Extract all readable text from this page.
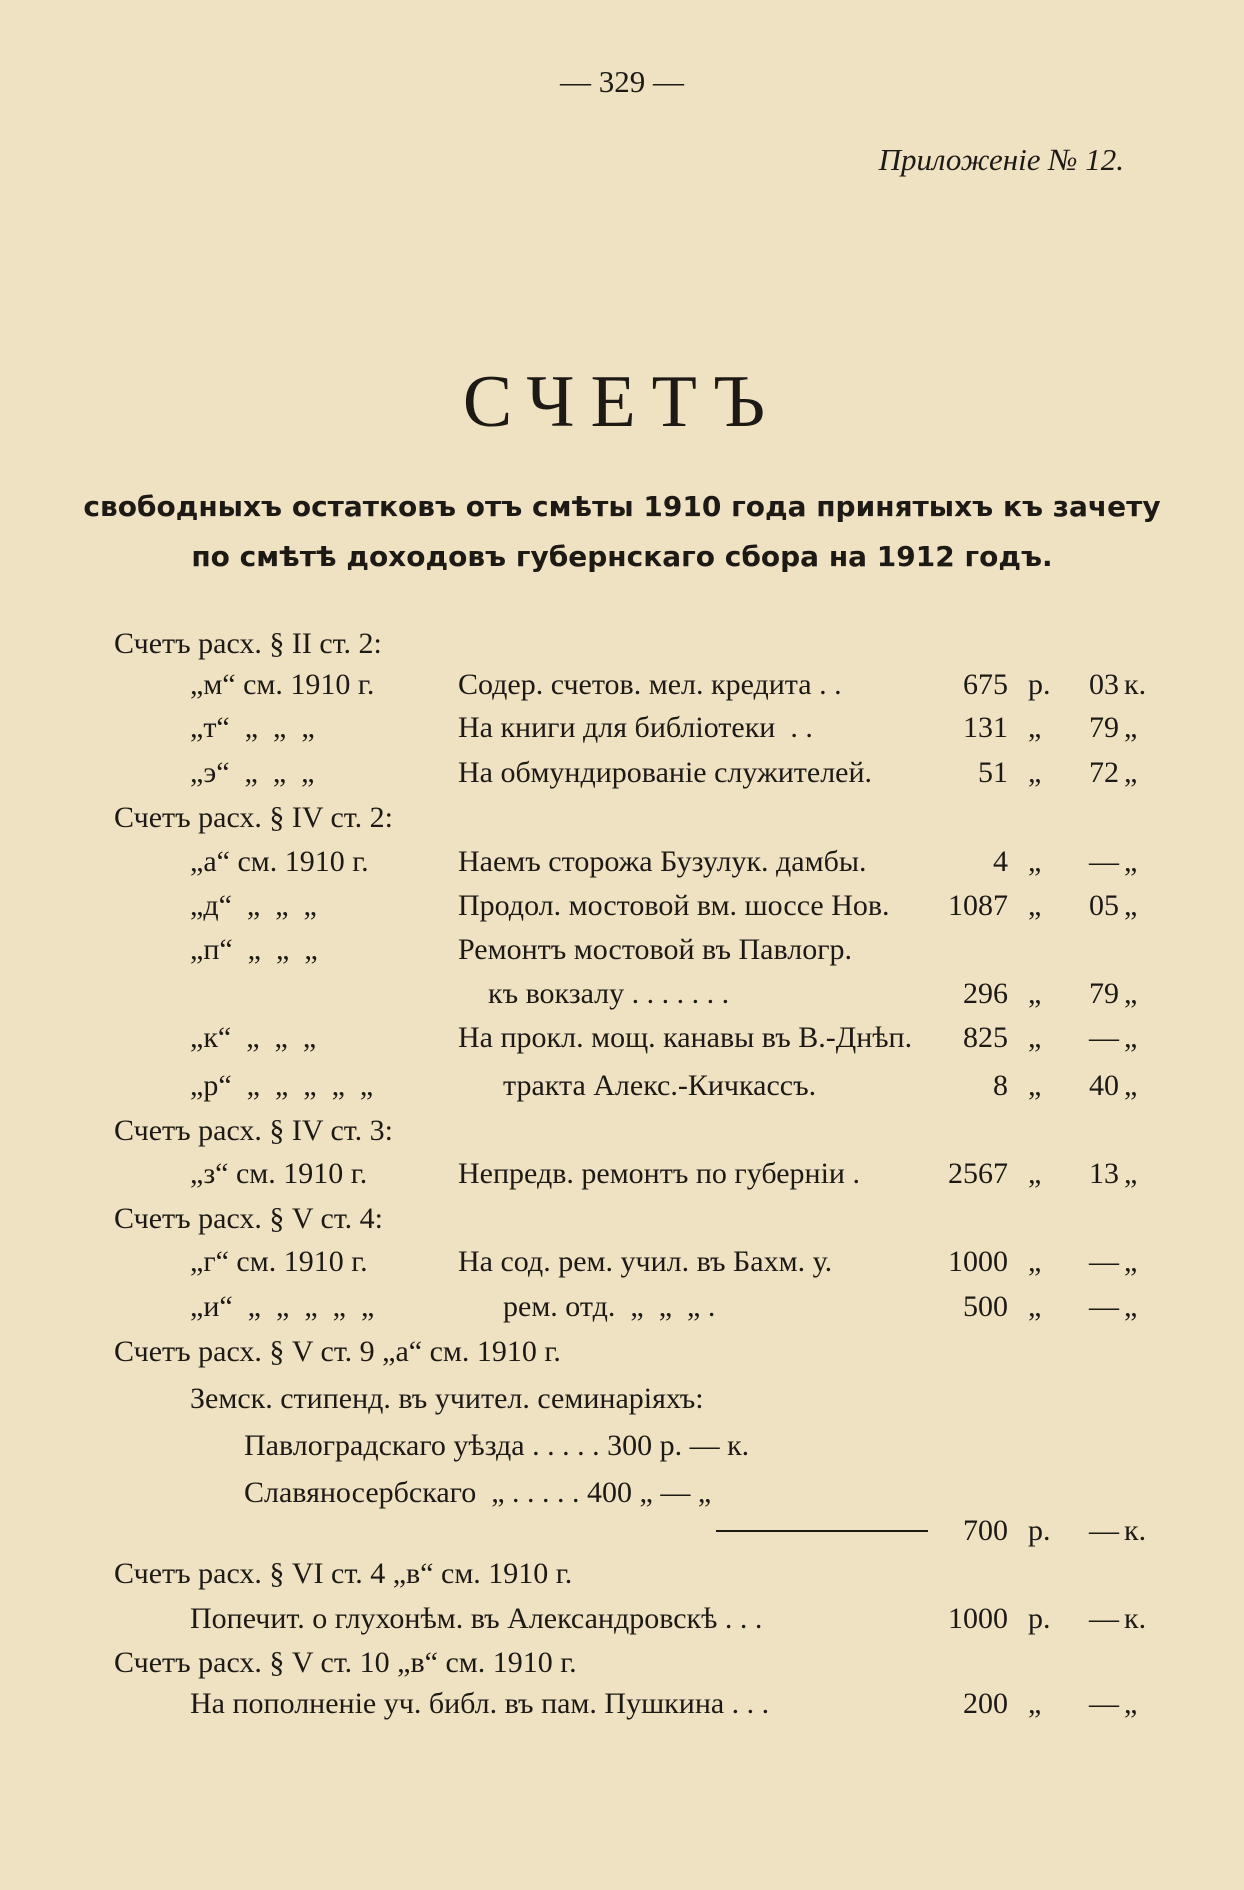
— 329 —
Приложенiе № 12.
СЧЕТЪ
свободныхъ остатковъ отъ смѣты 1910 года принятыхъ къ зачету
по смѣтѣ доходовъ губернскаго сбора на 1912 годъ.
Счетъ расх. § II ст. 2:
„м“ см. 1910 г.	Содер. счетов. мел. кредита . .	675 р.	03 к.
„т“  „  „  „	На книги для библiотеки  . .	131 „	79 „
„э“  „  „  „	На обмундированiе служителей.	51 „	72 „
Счетъ расх. § IV ст. 2:
„а“ см. 1910 г.	Наемъ сторожа Бузулук. дамбы.	4 „	— „
„д“  „  „  „	Продол. мостовой вм. шоссе Нов.	1087 „	05 „
„п“  „  „  „	Ремонтъ мостовой въ Павлогр.
къ вокзалу . . . . . . .	296 „	79 „
„к“  „  „  „	На прокл. мощ. канавы въ В.-Днѣп.	825 „	— „
„р“  „  „  „  „  „	тракта Алекс.-Кичкассъ.	8 „	40 „
Счетъ расх. § IV ст. 3:
„з“ см. 1910 г.	Непредв. ремонтъ по губернiи .	2567 „	13 „
Счетъ расх. § V ст. 4:
„г“ см. 1910 г.	На сод. рем. учил. въ Бахм. у.	1000 „	— „
„и“  „  „  „  „  „	рем. отд.  „  „  „ .	500 „	— „
Счетъ расх. § V ст. 9 „а“ см. 1910 г.
Земск. стипенд. въ учител. семинарiяхъ:
Павлоградскаго уѣзда . . . . . 300 р. — к.
Славяносербскаго  „ . . . . . 400 „ — „
700 р.	— к.
Счетъ расх. § VI ст. 4 „в“ см. 1910 г.
Попечит. о глухонѣм. въ Александровскѣ . . .	1000 р.	— к.
Счетъ расх. § V ст. 10 „в“ см. 1910 г.
На пополненiе уч. библ. въ пам. Пушкина . . .	200 „	— „
